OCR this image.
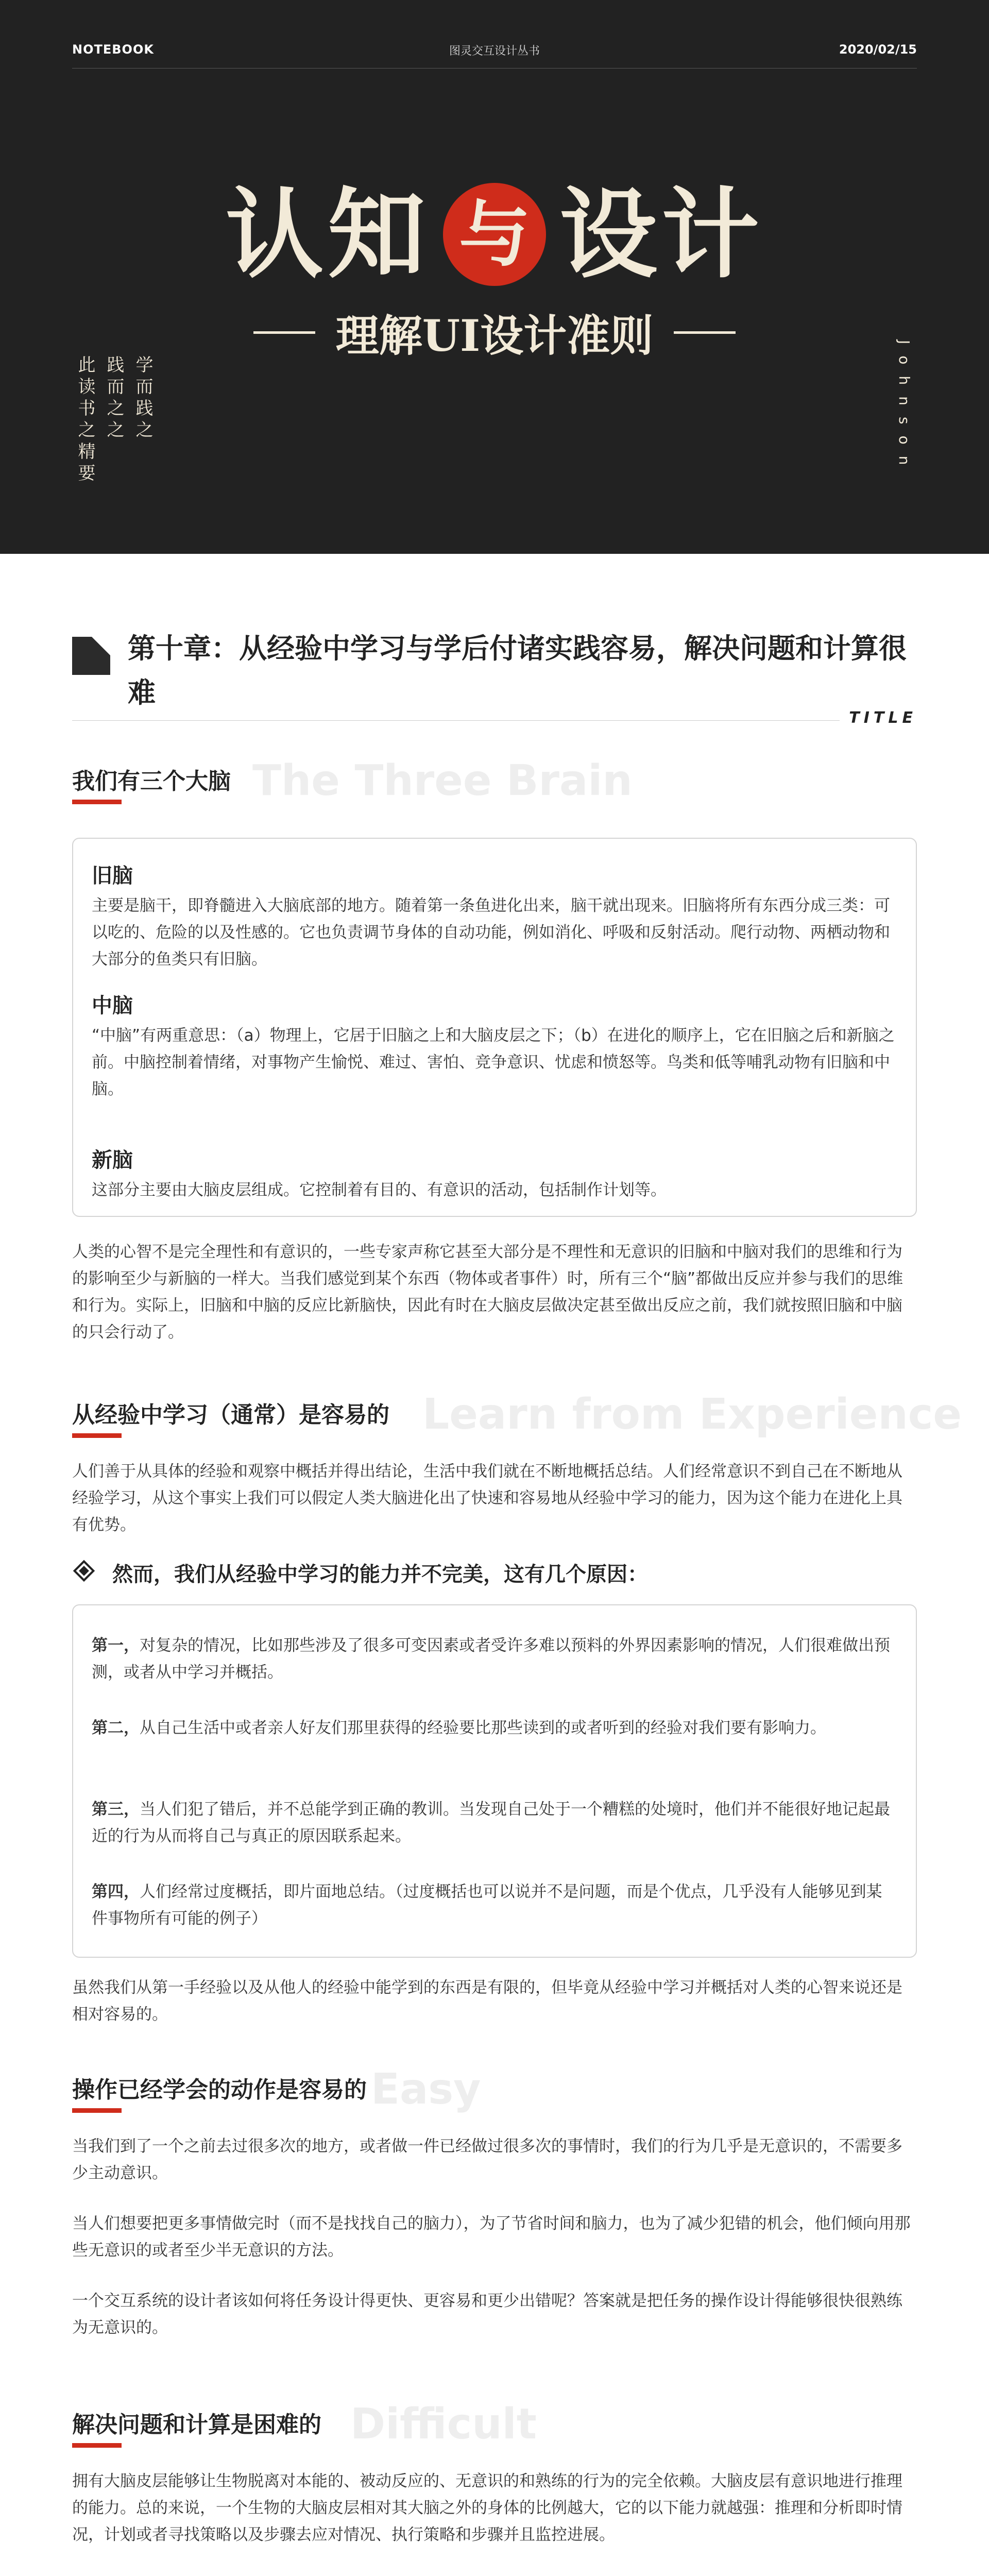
NOTEBOOK	图灵交互设计丛书	2020/02/15
认知 与 设计
理解UI设计准则
此读书之精要 践而之之 学而践之	Johnson
第十章：从经验中学习与学后付诸实践容易，解决问题和计算很难
TITLE
The Three Brain
我们有三个大脑
旧脑

主要是脑干，即脊髓进入大脑底部的地方。随着第一条鱼进化出来，脑干就出现来。旧脑将所有东西分成三类：可以吃的、危险的以及性感的。它也负责调节身体的自动功能，例如消化、呼吸和反射活动。爬行动物、两栖动物和大部分的鱼类只有旧脑。

中脑

“中脑”有两重意思：（a）物理上，它居于旧脑之上和大脑皮层之下；（b）在进化的顺序上，它在旧脑之后和新脑之前。中脑控制着情绪，对事物产生愉悦、难过、害怕、竞争意识、忧虑和愤怒等。鸟类和低等哺乳动物有旧脑和中脑。

新脑

这部分主要由大脑皮层组成。它控制着有目的、有意识的活动，包括制作计划等。

人类的心智不是完全理性和有意识的，一些专家声称它甚至大部分是不理性和无意识的旧脑和中脑对我们的思维和行为的影响至少与新脑的一样大。当我们感觉到某个东西（物体或者事件）时，所有三个“脑”都做出反应并参与我们的思维和行为。实际上，旧脑和中脑的反应比新脑快，因此有时在大脑皮层做决定甚至做出反应之前，我们就按照旧脑和中脑的只会行动了。

Learn from Experience
从经验中学习（通常）是容易的

人们善于从具体的经验和观察中概括并得出结论，生活中我们就在不断地概括总结。人们经常意识不到自己在不断地从经验学习，从这个事实上我们可以假定人类大脑进化出了快速和容易地从经验中学习的能力，因为这个能力在进化上具有优势。

然而，我们从经验中学习的能力并不完美，这有几个原因：

第一，对复杂的情况，比如那些涉及了很多可变因素或者受许多难以预料的外界因素影响的情况，人们很难做出预测，或者从中学习并概括。

第二，从自己生活中或者亲人好友们那里获得的经验要比那些读到的或者听到的经验对我们要有影响力。

第三，当人们犯了错后，并不总能学到正确的教训。当发现自己处于一个糟糕的处境时，他们并不能很好地记起最近的行为从而将自己与真正的原因联系起来。

第四，人们经常过度概括，即片面地总结。（过度概括也可以说并不是问题，而是个优点，几乎没有人能够见到某件事物所有可能的例子）

虽然我们从第一手经验以及从他人的经验中能学到的东西是有限的，但毕竟从经验中学习并概括对人类的心智来说还是相对容易的。

Easy
操作已经学会的动作是容易的

当我们到了一个之前去过很多次的地方，或者做一件已经做过很多次的事情时，我们的行为几乎是无意识的，不需要多少主动意识。

当人们想要把更多事情做完时（而不是找找自己的脑力），为了节省时间和脑力，也为了减少犯错的机会，他们倾向用那些无意识的或者至少半无意识的方法。

一个交互系统的设计者该如何将任务设计得更快、更容易和更少出错呢？答案就是把任务的操作设计得能够很快很熟练为无意识的。

Difficult
解决问题和计算是困难的

拥有大脑皮层能够让生物脱离对本能的、被动反应的、无意识的和熟练的行为的完全依赖。大脑皮层有意识地进行推理的能力。总的来说，一个生物的大脑皮层相对其大脑之外的身体的比例越大，它的以下能力就越强：推理和分析即时情况，计划或者寻找策略以及步骤去应对情况、执行策略和步骤并且监控进展。
